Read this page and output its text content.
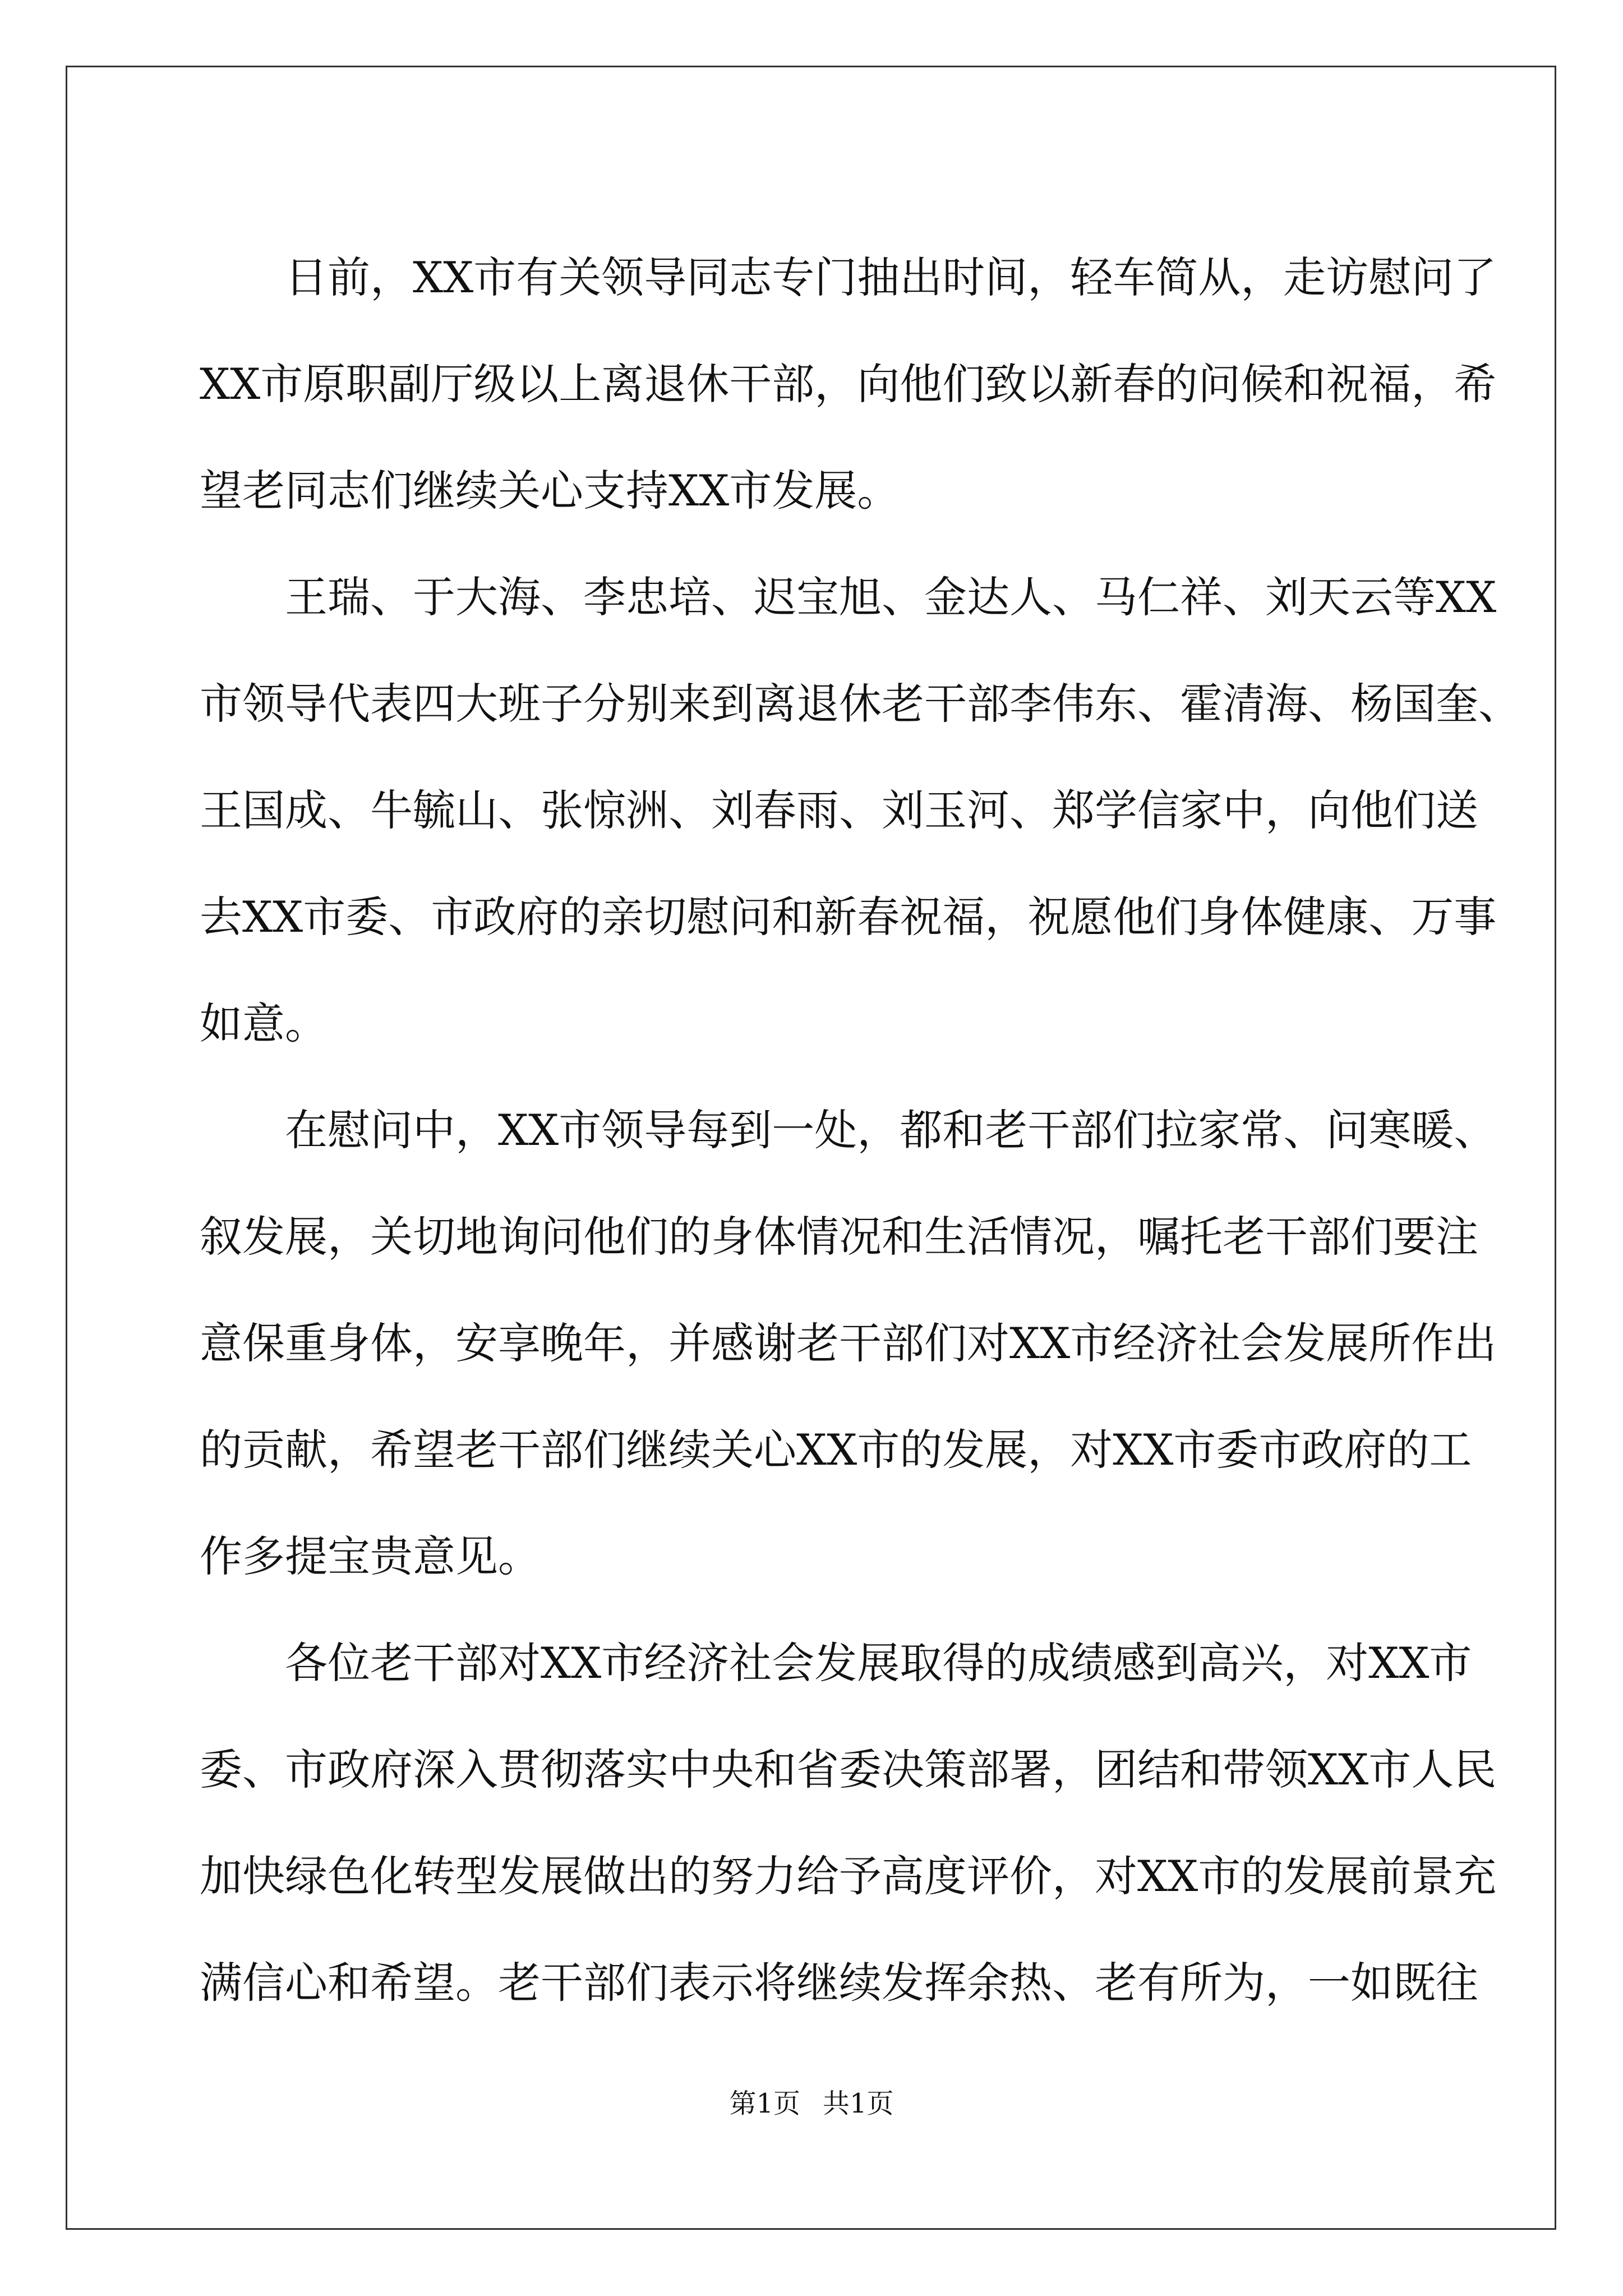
日前，XX市有关领导同志专门抽出时间，轻车简从，走访慰问了
XX市原职副厅级以上离退休干部，向他们致以新春的问候和祝福，希
望老同志们继续关心支持XX市发展。

王瑞、于大海、李忠培、迟宝旭、金达人、马仁祥、刘天云等XX
市领导代表四大班子分别来到离退休老干部李伟东、霍清海、杨国奎、
王国成、牛毓山、张惊洲、刘春雨、刘玉河、郑学信家中，向他们送
去XX市委、市政府的亲切慰问和新春祝福，祝愿他们身体健康、万事
如意。

在慰问中，XX市领导每到一处，都和老干部们拉家常、问寒暖、
叙发展，关切地询问他们的身体情况和生活情况，嘱托老干部们要注
意保重身体，安享晚年，并感谢老干部们对XX市经济社会发展所作出
的贡献，希望老干部们继续关心XX市的发展，对XX市委市政府的工
作多提宝贵意见。

各位老干部对XX市经济社会发展取得的成绩感到高兴，对XX市
委、市政府深入贯彻落实中央和省委决策部署，团结和带领XX市人民
加快绿色化转型发展做出的努力给予高度评价，对XX市的发展前景充
满信心和希望。老干部们表示将继续发挥余热、老有所为，一如既往

第1页 共1页
